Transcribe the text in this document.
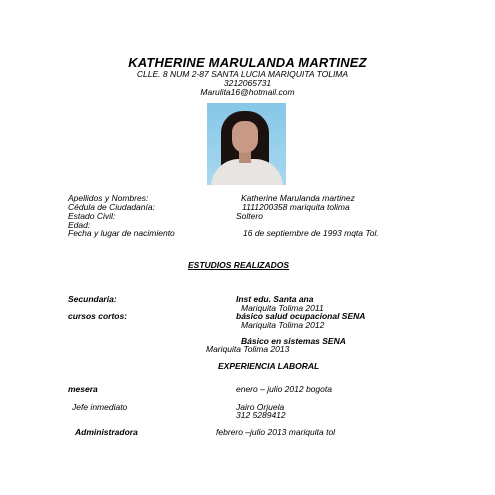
KATHERINE MARULANDA MARTINEZ
CLLE. 8 NUM 2-87 SANTA LUCIA MARIQUITA TOLIMA
3212065731
Marulita16@hotmail.com
Apellidos y Nombres:	Katherine Marulanda martinez
Cédula de Ciudadanía:	1111200358 mariquita tolima
Estado Civil:	Soltero
Edad:
Fecha y lugar de nacimiento	16 de septiembre de 1993 mqta Tol.
ESTUDIOS REALIZADOS
Secundaria:	Inst edu. Santa ana
Mariquita Tolima 2011
cursos cortos:	básico salud ocupacional SENA
Mariquita Tolima 2012
Básico en sistemas SENA
Mariquita Tolima 2013
EXPERIENCIA LABORAL
mesera	enero – julio 2012 bogota
Jefe inmediato	Jairo Orjuela
312 5289412
Administradora	febrero –julio 2013 mariquita tol
